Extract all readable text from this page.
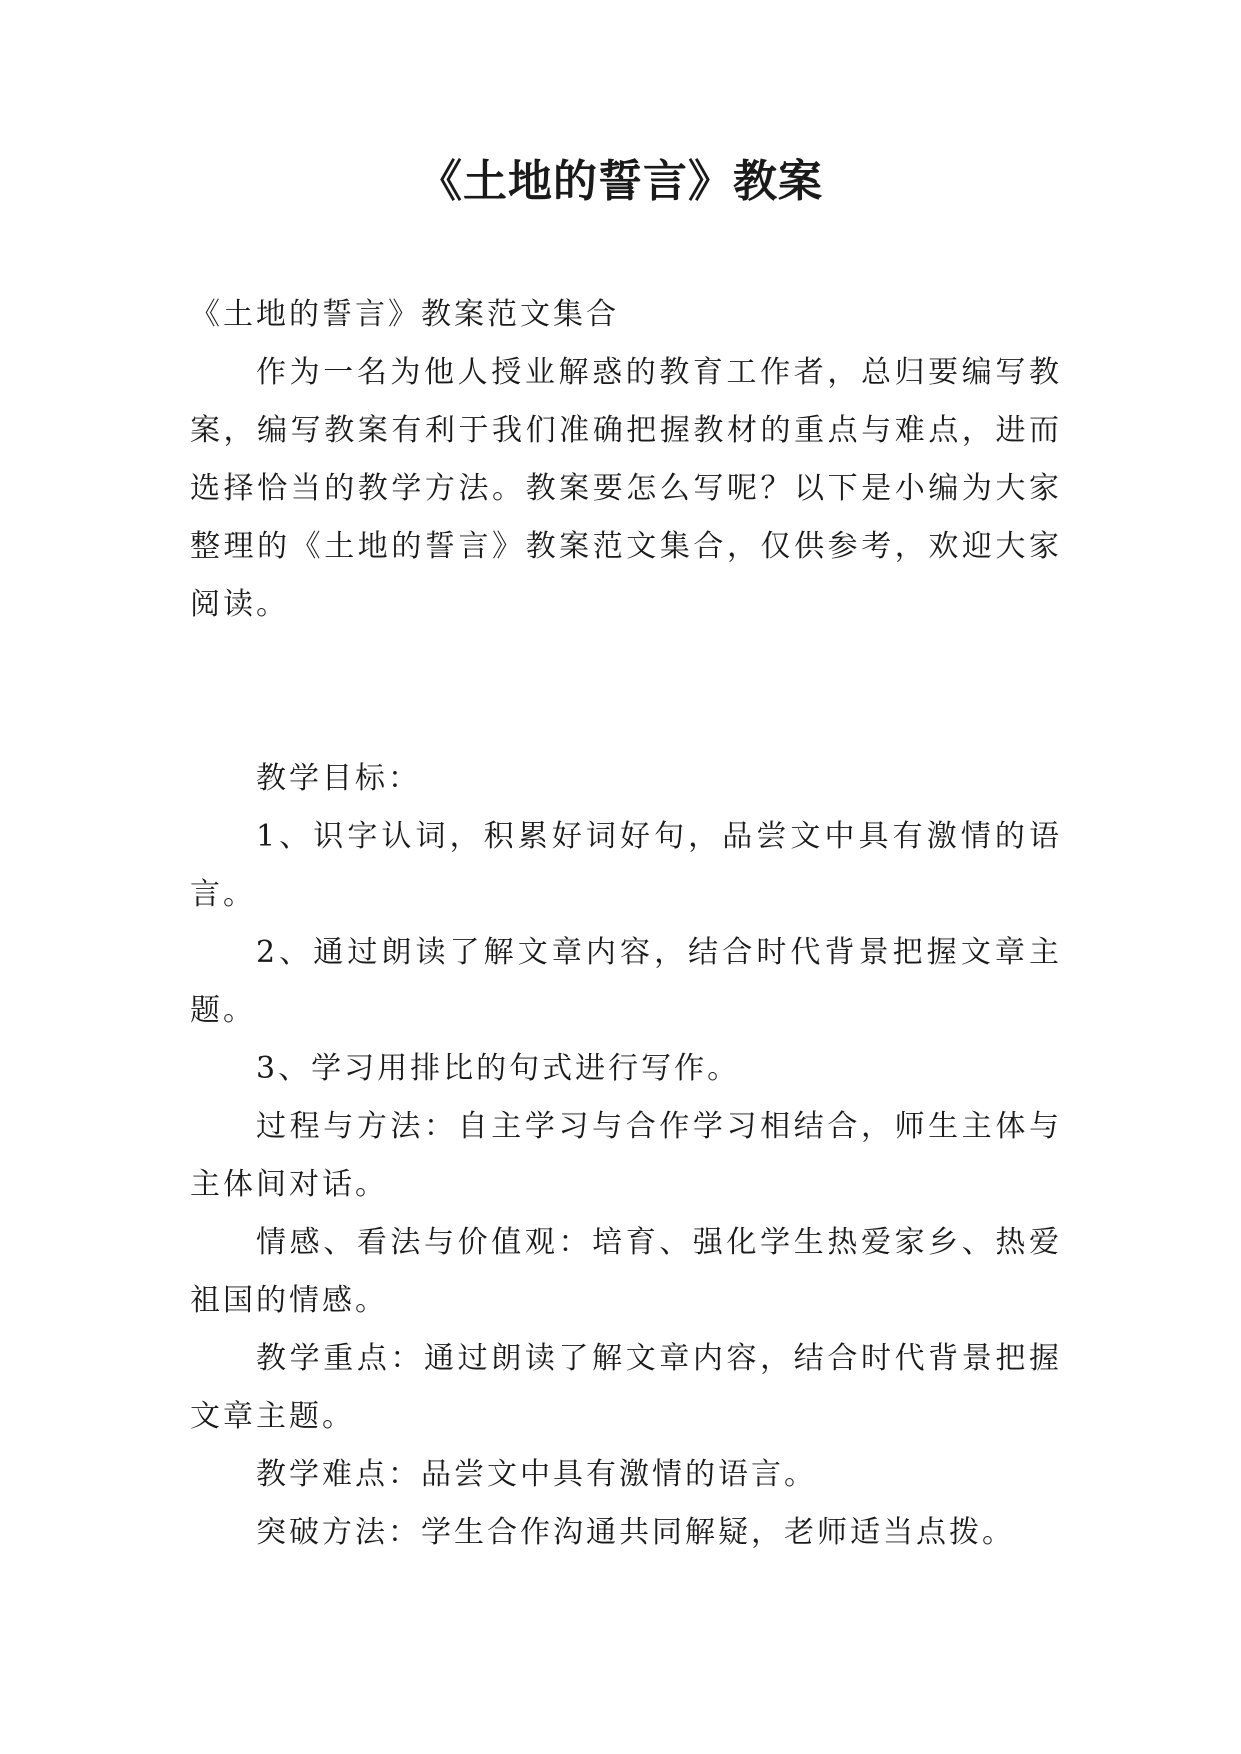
《土地的誓言》教案

《土地的誓言》教案范文集合

作为一名为他人授业解惑的教育工作者，总归要编写教案，编写教案有利于我们准确把握教材的重点与难点，进而选择恰当的教学方法。教案要怎么写呢？以下是小编为大家整理的《土地的誓言》教案范文集合，仅供参考，欢迎大家阅读。

教学目标：

1、识字认词，积累好词好句，品尝文中具有激情的语言。

2、通过朗读了解文章内容，结合时代背景把握文章主题。

3、学习用排比的句式进行写作。

过程与方法：自主学习与合作学习相结合，师生主体与主体间对话。

情感、看法与价值观：培育、强化学生热爱家乡、热爱祖国的情感。

教学重点：通过朗读了解文章内容，结合时代背景把握文章主题。

教学难点：品尝文中具有激情的语言。

突破方法：学生合作沟通共同解疑，老师适当点拨。
